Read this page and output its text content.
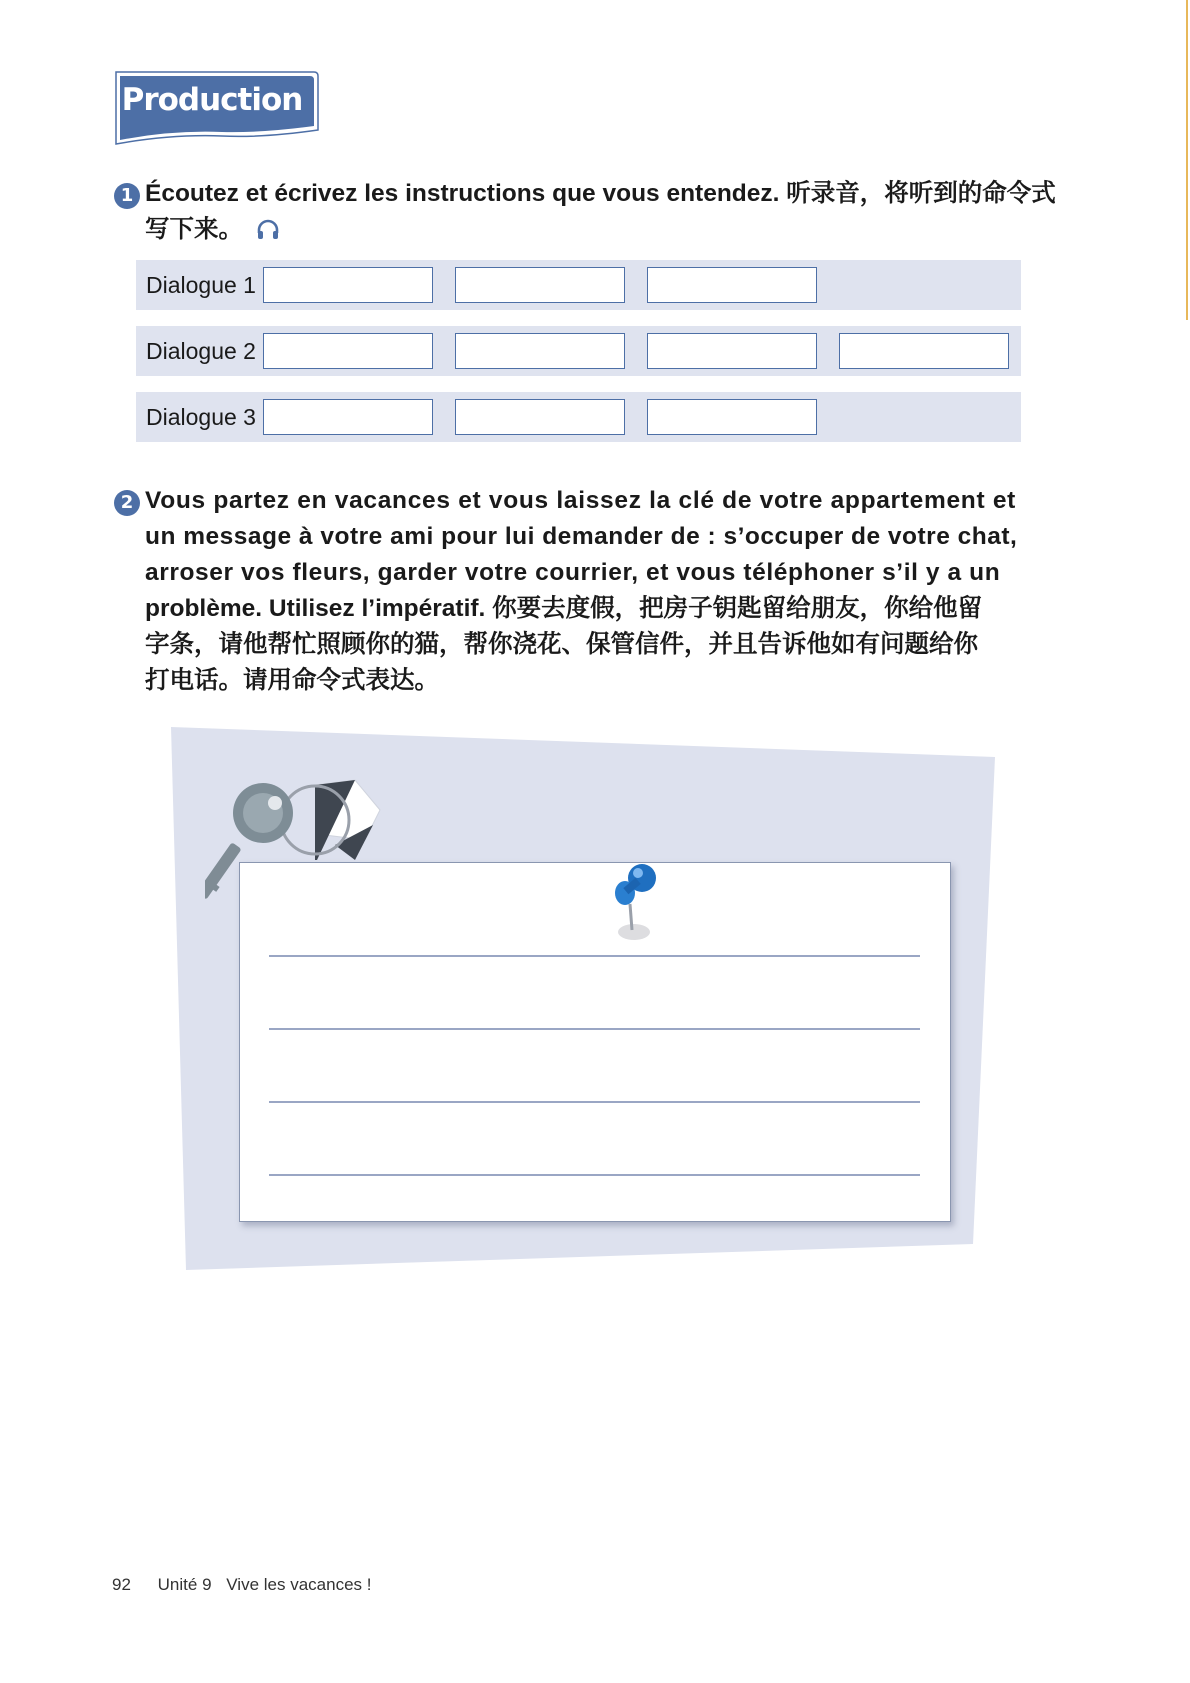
Production
1 Écoutez et écrivez les instructions que vous entendez. 听录音，将听到的命令式
写下来。
Dialogue 1
Dialogue 2
Dialogue 3
2 Vous partez en vacances et vous laissez la clé de votre appartement et
un message à votre ami pour lui demander de : s’occuper de votre chat,
arroser vos fleurs, garder votre courrier, et vous téléphoner s’il y a un
problème. Utilisez l’impératif. 你要去度假，把房子钥匙留给朋友，你给他留
字条，请他帮忙照顾你的猫，帮你浇花、保管信件，并且告诉他如有问题给你
打电话。请用命令式表达。
92 Unité 9 Vive les vacances !
